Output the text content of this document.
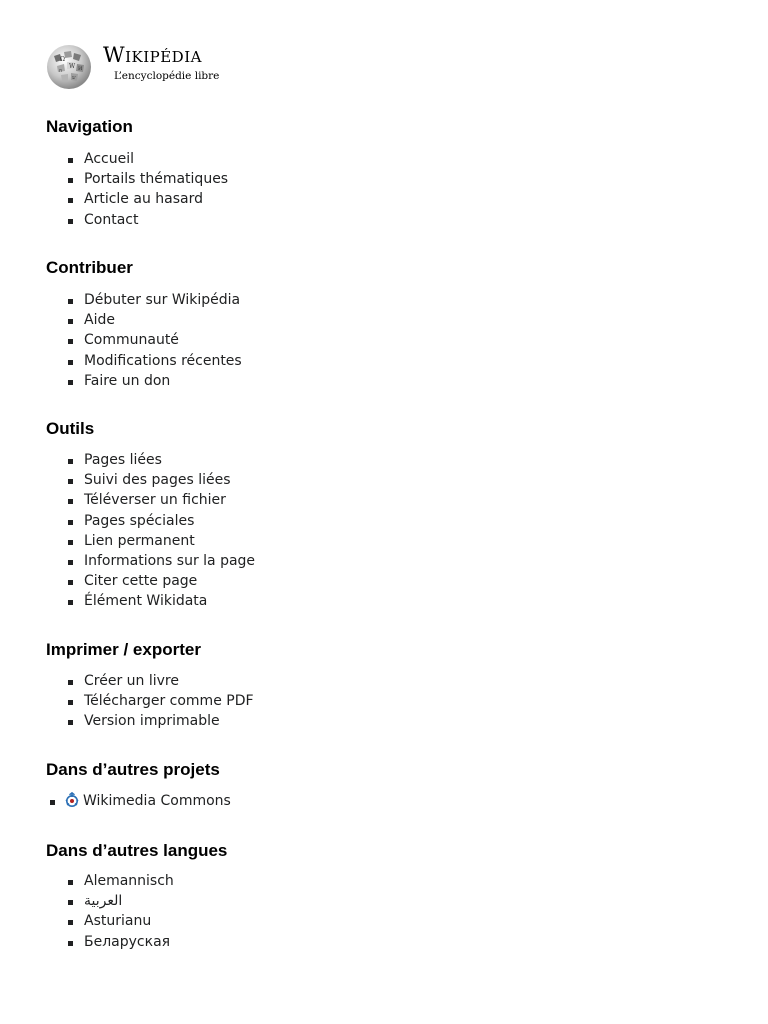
Ω
W
ก	И
ש
Wikipédia
L’encyclopédie libre
Navigation
Accueil
Portails thématiques
Article au hasard
Contact
Contribuer
Débuter sur Wikipédia
Aide
Communauté
Modifications récentes
Faire un don
Outils
Pages liées
Suivi des pages liées
Téléverser un fichier
Pages spéciales
Lien permanent
Informations sur la page
Citer cette page
Élément Wikidata
Imprimer / exporter
Créer un livre
Télécharger comme PDF
Version imprimable
Dans d’autres projets
Wikimedia Commons
Dans d’autres langues
Alemannisch
العربية
Asturianu
Беларуская
